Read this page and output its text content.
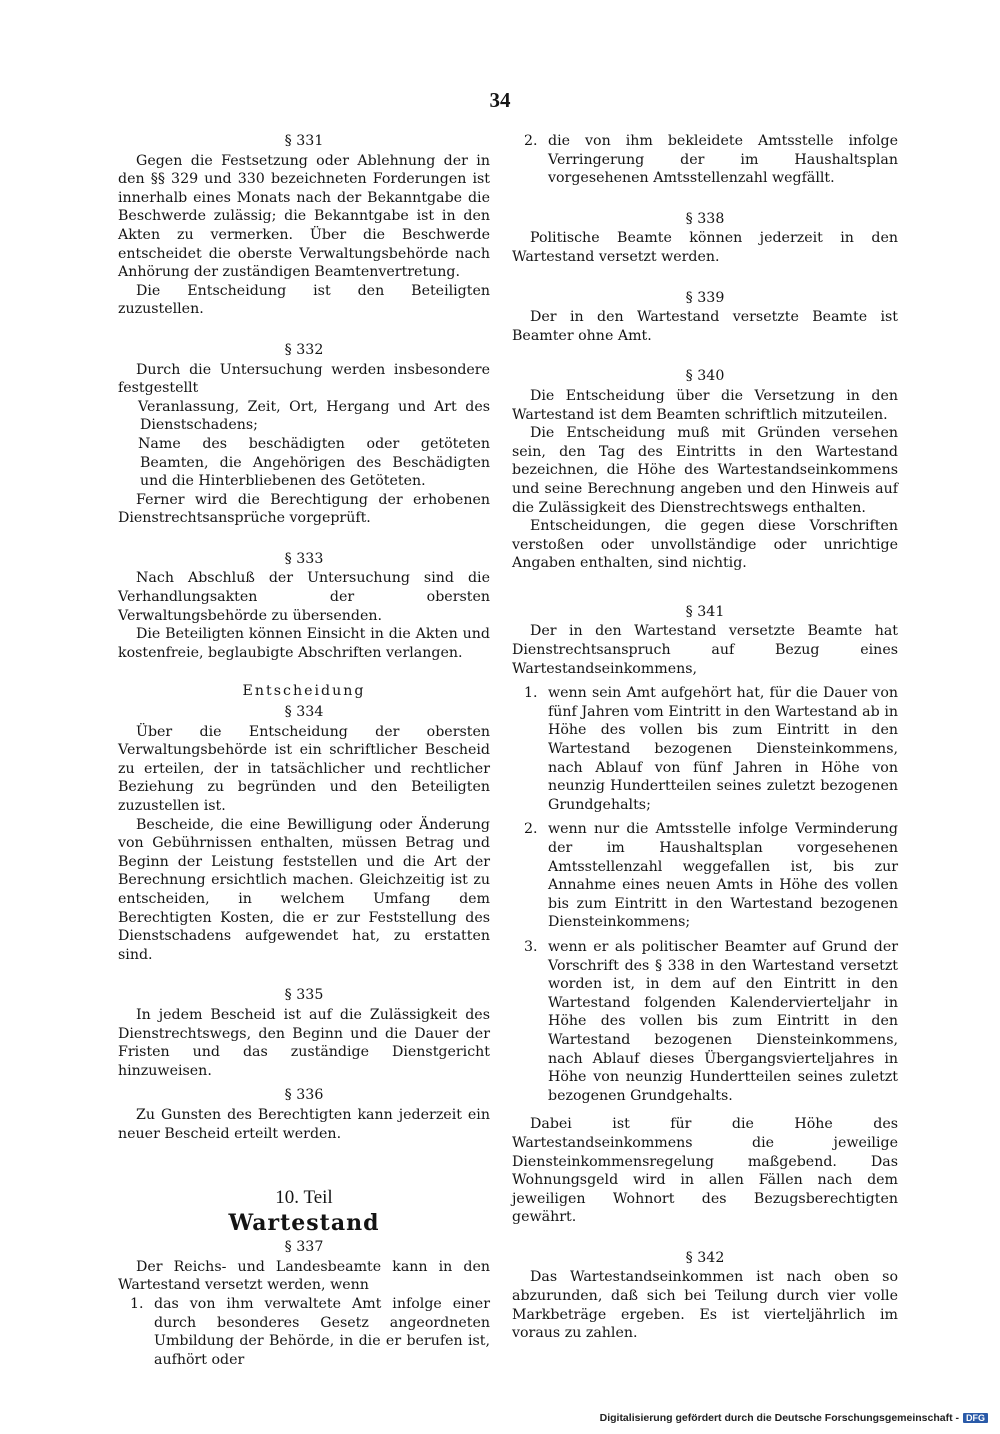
34
§ 331

Gegen die Festsetzung oder Ablehnung der in den §§ 329 und 330 bezeichneten Forderungen ist innerhalb eines Monats nach der Bekanntgabe die Beschwerde zulässig; die Bekanntgabe ist in den Akten zu vermerken. Über die Beschwerde entscheidet die oberste Verwaltungsbehörde nach Anhörung der zuständigen Beamtenvertretung.

Die Entscheidung ist den Beteiligten zuzustellen.

§ 332

Durch die Untersuchung werden insbesondere festgestellt

Veranlassung, Zeit, Ort, Hergang und Art des Dienstschadens;

Name des beschädigten oder getöteten Beamten, die Angehörigen des Beschädigten und die Hinterbliebenen des Getöteten.

Ferner wird die Berechtigung der erhobenen Dienstrechtsansprüche vorgeprüft.

§ 333

Nach Abschluß der Untersuchung sind die Verhandlungsakten der obersten Verwaltungsbehörde zu übersenden.

Die Beteiligten können Einsicht in die Akten und kostenfreie, beglaubigte Abschriften verlangen.

Entscheidung
§ 334

Über die Entscheidung der obersten Verwaltungsbehörde ist ein schriftlicher Bescheid zu erteilen, der in tatsächlicher und rechtlicher Beziehung zu begründen und den Beteiligten zuzustellen ist.

Bescheide, die eine Bewilligung oder Änderung von Gebührnissen enthalten, müssen Betrag und Beginn der Leistung feststellen und die Art der Berechnung ersichtlich machen. Gleichzeitig ist zu entscheiden, in welchem Umfang dem Berechtigten Kosten, die er zur Feststellung des Dienstschadens aufgewendet hat, zu erstatten sind.

§ 335

In jedem Bescheid ist auf die Zulässigkeit des Dienstrechtswegs, den Beginn und die Dauer der Fristen und das zuständige Dienstgericht hinzuweisen.

§ 336

Zu Gunsten des Berechtigten kann jederzeit ein neuer Bescheid erteilt werden.

10. Teil
Wartestand
§ 337

Der Reichs- und Landesbeamte kann in den Wartestand versetzt werden, wenn

1. das von ihm verwaltete Amt infolge einer durch besonderes Gesetz angeordneten Umbildung der Behörde, in die er berufen ist, aufhört oder
2. die von ihm bekleidete Amtsstelle infolge Verringerung der im Haushaltsplan vorgesehenen Amtsstellenzahl wegfällt.
§ 338

Politische Beamte können jederzeit in den Wartestand versetzt werden.

§ 339

Der in den Wartestand versetzte Beamte ist Beamter ohne Amt.

§ 340

Die Entscheidung über die Versetzung in den Wartestand ist dem Beamten schriftlich mitzuteilen.

Die Entscheidung muß mit Gründen versehen sein, den Tag des Eintritts in den Wartestand bezeichnen, die Höhe des Wartestandseinkommens und seine Berechnung angeben und den Hinweis auf die Zulässigkeit des Dienstrechtswegs enthalten.

Entscheidungen, die gegen diese Vorschriften verstoßen oder unvollständige oder unrichtige Angaben enthalten, sind nichtig.

§ 341

Der in den Wartestand versetzte Beamte hat Dienstrechtsanspruch auf Bezug eines Wartestandseinkommens,

1. wenn sein Amt aufgehört hat, für die Dauer von fünf Jahren vom Eintritt in den Wartestand ab in Höhe des vollen bis zum Eintritt in den Wartestand bezogenen Diensteinkommens, nach Ablauf von fünf Jahren in Höhe von neunzig Hundertteilen seines zuletzt bezogenen Grundgehalts;
2. wenn nur die Amtsstelle infolge Verminderung der im Haushaltsplan vorgesehenen Amtsstellenzahl weggefallen ist, bis zur Annahme eines neuen Amts in Höhe des vollen bis zum Eintritt in den Wartestand bezogenen Diensteinkommens;
3. wenn er als politischer Beamter auf Grund der Vorschrift des § 338 in den Wartestand versetzt worden ist, in dem auf den Eintritt in den Wartestand folgenden Kalendervierteljahr in Höhe des vollen bis zum Eintritt in den Wartestand bezogenen Diensteinkommens, nach Ablauf dieses Übergangsvierteljahres in Höhe von neunzig Hundertteilen seines zuletzt bezogenen Grundgehalts.

Dabei ist für die Höhe des Wartestandseinkommens die jeweilige Diensteinkommensregelung maßgebend. Das Wohnungsgeld wird in allen Fällen nach dem jeweiligen Wohnort des Bezugsberechtigten gewährt.

§ 342

Das Wartestandseinkommen ist nach oben so abzurunden, daß sich bei Teilung durch vier volle Markbeträge ergeben. Es ist vierteljährlich im voraus zu zahlen.

Digitalisierung gefördert durch die Deutsche Forschungsgemeinschaft - DFG
